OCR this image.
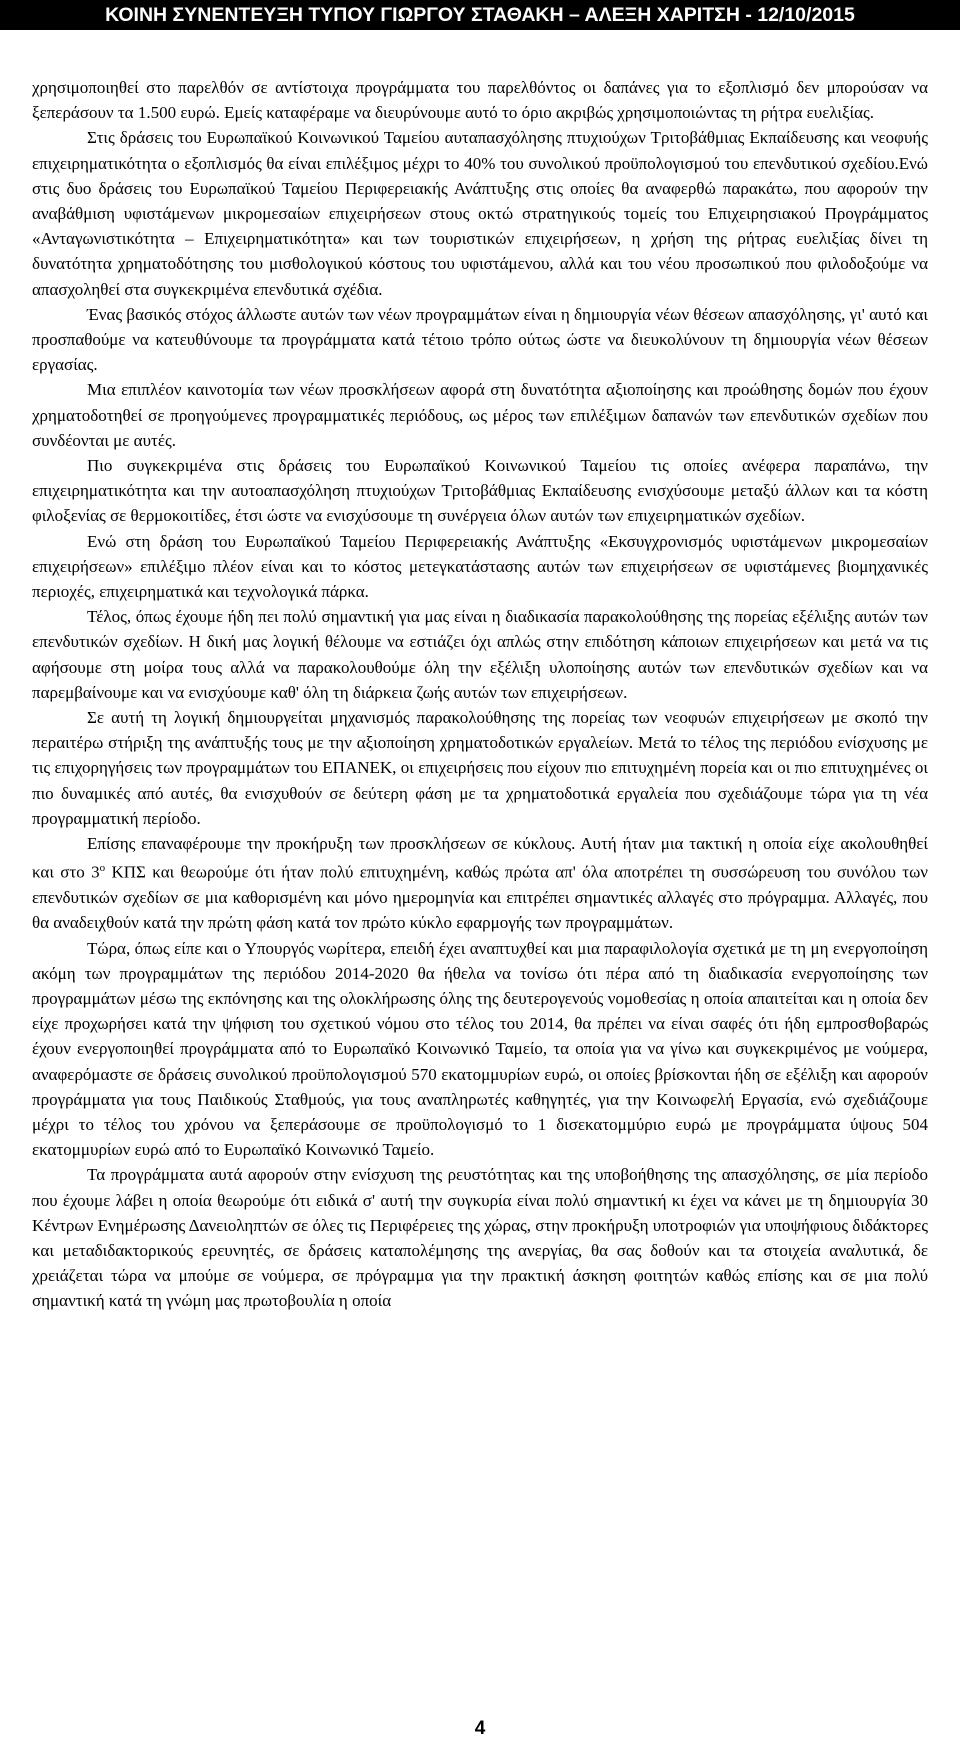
ΚΟΙΝΗ ΣΥΝΕΝΤΕΥΞΗ ΤΥΠΟΥ ΓΙΩΡΓΟΥ ΣΤΑΘΑΚΗ – ΑΛΕΞΗ ΧΑΡΙΤΣΗ - 12/10/2015

χρησιμοποιηθεί στο παρελθόν σε αντίστοιχα προγράμματα του παρελθόντος οι δαπάνες για το εξοπλισμό δεν μπορούσαν να ξεπεράσουν τα 1.500 ευρώ. Εμείς καταφέραμε να διευρύνουμε αυτό το όριο ακριβώς χρησιμοποιώντας τη ρήτρα ευελιξίας.

Στις δράσεις του Ευρωπαϊκού Κοινωνικού Ταμείου αυταπασχόλησης πτυχιούχων Τριτοβάθμιας Εκπαίδευσης και νεοφυής επιχειρηματικότητα ο εξοπλισμός θα είναι επιλέξιμος μέχρι το 40% του συνολικού προϋπολογισμού του επενδυτικού σχεδίου.Ενώ στις δυο δράσεις του Ευρωπαϊκού Ταμείου Περιφερειακής Ανάπτυξης στις οποίες θα αναφερθώ παρακάτω, που αφορούν την αναβάθμιση υφιστάμενων μικρομεσαίων επιχειρήσεων στους οκτώ στρατηγικούς τομείς του Επιχειρησιακού Προγράμματος «Ανταγωνιστικότητα – Επιχειρηματικότητα» και των τουριστικών επιχειρήσεων, η χρήση της ρήτρας ευελιξίας δίνει τη δυνατότητα χρηματοδότησης του μισθολογικού κόστους του υφιστάμενου, αλλά και του νέου προσωπικού που φιλοδοξούμε να απασχοληθεί στα συγκεκριμένα επενδυτικά σχέδια.

Ένας βασικός στόχος άλλωστε αυτών των νέων προγραμμάτων είναι η δημιουργία νέων θέσεων απασχόλησης, γι' αυτό και προσπαθούμε να κατευθύνουμε τα προγράμματα κατά τέτοιο τρόπο ούτως ώστε να διευκολύνουν τη δημιουργία νέων θέσεων εργασίας.

Μια επιπλέον καινοτομία των νέων προσκλήσεων αφορά στη δυνατότητα αξιοποίησης και προώθησης δομών που έχουν χρηματοδοτηθεί σε προηγούμενες προγραμματικές περιόδους, ως μέρος των επιλέξιμων δαπανών των επενδυτικών σχεδίων που συνδέονται με αυτές.

Πιο συγκεκριμένα στις δράσεις του Ευρωπαϊκού Κοινωνικού Ταμείου τις οποίες ανέφερα παραπάνω, την επιχειρηματικότητα και την αυτοαπασχόληση πτυχιούχων Τριτοβάθμιας Εκπαίδευσης ενισχύσουμε μεταξύ άλλων και τα κόστη φιλοξενίας σε θερμοκοιτίδες, έτσι ώστε να ενισχύσουμε τη συνέργεια όλων αυτών των επιχειρηματικών σχεδίων.

Ενώ στη δράση του Ευρωπαϊκού Ταμείου Περιφερειακής Ανάπτυξης «Εκσυγχρονισμός υφιστάμενων μικρομεσαίων επιχειρήσεων» επιλέξιμο πλέον είναι και το κόστος μετεγκατάστασης αυτών των επιχειρήσεων σε υφιστάμενες βιομηχανικές περιοχές, επιχειρηματικά και τεχνολογικά πάρκα.

Τέλος, όπως έχουμε ήδη πει πολύ σημαντική για μας είναι η διαδικασία παρακολούθησης της πορείας εξέλιξης αυτών των επενδυτικών σχεδίων. Η δική μας λογική θέλουμε να εστιάζει όχι απλώς στην επιδότηση κάποιων επιχειρήσεων και μετά να τις αφήσουμε στη μοίρα τους αλλά να παρακολουθούμε όλη την εξέλιξη υλοποίησης αυτών των επενδυτικών σχεδίων και να παρεμβαίνουμε και να ενισχύουμε καθ' όλη τη διάρκεια ζωής αυτών των επιχειρήσεων.

Σε αυτή τη λογική δημιουργείται μηχανισμός παρακολούθησης της πορείας των νεοφυών επιχειρήσεων με σκοπό την περαιτέρω στήριξη της ανάπτυξής τους με την αξιοποίηση χρηματοδοτικών εργαλείων. Μετά το τέλος της περιόδου ενίσχυσης με τις επιχορηγήσεις των προγραμμάτων του ΕΠΑΝΕΚ, οι επιχειρήσεις που είχουν πιο επιτυχημένη πορεία και οι πιο επιτυχημένες οι πιο δυναμικές από αυτές, θα ενισχυθούν σε δεύτερη φάση με τα χρηματοδοτικά εργαλεία που σχεδιάζουμε τώρα για τη νέα προγραμματική περίοδο.

Επίσης επαναφέρουμε την προκήρυξη των προσκλήσεων σε κύκλους. Αυτή ήταν μια τακτική η οποία είχε ακολουθηθεί και στο $3^o$ ΚΠΣ και θεωρούμε ότι ήταν πολύ επιτυχημένη, καθώς πρώτα απ' όλα αποτρέπει τη συσσώρευση του συνόλου των επενδυτικών σχεδίων σε μια καθορισμένη και μόνο ημερομηνία και επιτρέπει σημαντικές αλλαγές στο πρόγραμμα. Αλλαγές, που θα αναδειχθούν κατά την πρώτη φάση κατά τον πρώτο κύκλο εφαρμογής των προγραμμάτων.

Τώρα, όπως είπε και ο Υπουργός νωρίτερα, επειδή έχει αναπτυχθεί και μια παραφιλολογία σχετικά με τη μη ενεργοποίηση ακόμη των προγραμμάτων της περιόδου 2014-2020 θα ήθελα να τονίσω ότι πέρα από τη διαδικασία ενεργοποίησης των προγραμμάτων μέσω της εκπόνησης και της ολοκλήρωσης όλης της δευτερογενούς νομοθεσίας η οποία απαιτείται και η οποία δεν είχε προχωρήσει κατά την ψήφιση του σχετικού νόμου στο τέλος του 2014, θα πρέπει να είναι σαφές ότι ήδη εμπροσθοβαρώς έχουν ενεργοποιηθεί προγράμματα από το Ευρωπαϊκό Κοινωνικό Ταμείο, τα οποία για να γίνω και συγκεκριμένος με νούμερα, αναφερόμαστε σε δράσεις συνολικού προϋπολογισμού 570 εκατομμυρίων ευρώ, οι οποίες βρίσκονται ήδη σε εξέλιξη και αφορούν προγράμματα για τους Παιδικούς Σταθμούς, για τους αναπληρωτές καθηγητές, για την Κοινωφελή Εργασία, ενώ σχεδιάζουμε μέχρι το τέλος του χρόνου να ξεπεράσουμε σε προϋπολογισμό το 1 δισεκατομμύριο ευρώ με προγράμματα ύψους 504 εκατομμυρίων ευρώ από το Ευρωπαϊκό Κοινωνικό Ταμείο.

Τα προγράμματα αυτά αφορούν στην ενίσχυση της ρευστότητας και της υποβοήθησης της απασχόλησης, σε μία περίοδο που έχουμε λάβει η οποία θεωρούμε ότι ειδικά σ' αυτή την συγκυρία είναι πολύ σημαντική κι έχει να κάνει με τη δημιουργία 30 Κέντρων Ενημέρωσης Δανειοληπτών σε όλες τις Περιφέρειες της χώρας, στην προκήρυξη υποτροφιών για υποψήφιους διδάκτορες και μεταδιδακτορικούς ερευνητές, σε δράσεις καταπολέμησης της ανεργίας, θα σας δοθούν και τα στοιχεία αναλυτικά, δε χρειάζεται τώρα να μπούμε σε νούμερα, σε πρόγραμμα για την πρακτική άσκηση φοιτητών καθώς επίσης και σε μια πολύ σημαντική κατά τη γνώμη μας πρωτοβουλία η οποία

4
